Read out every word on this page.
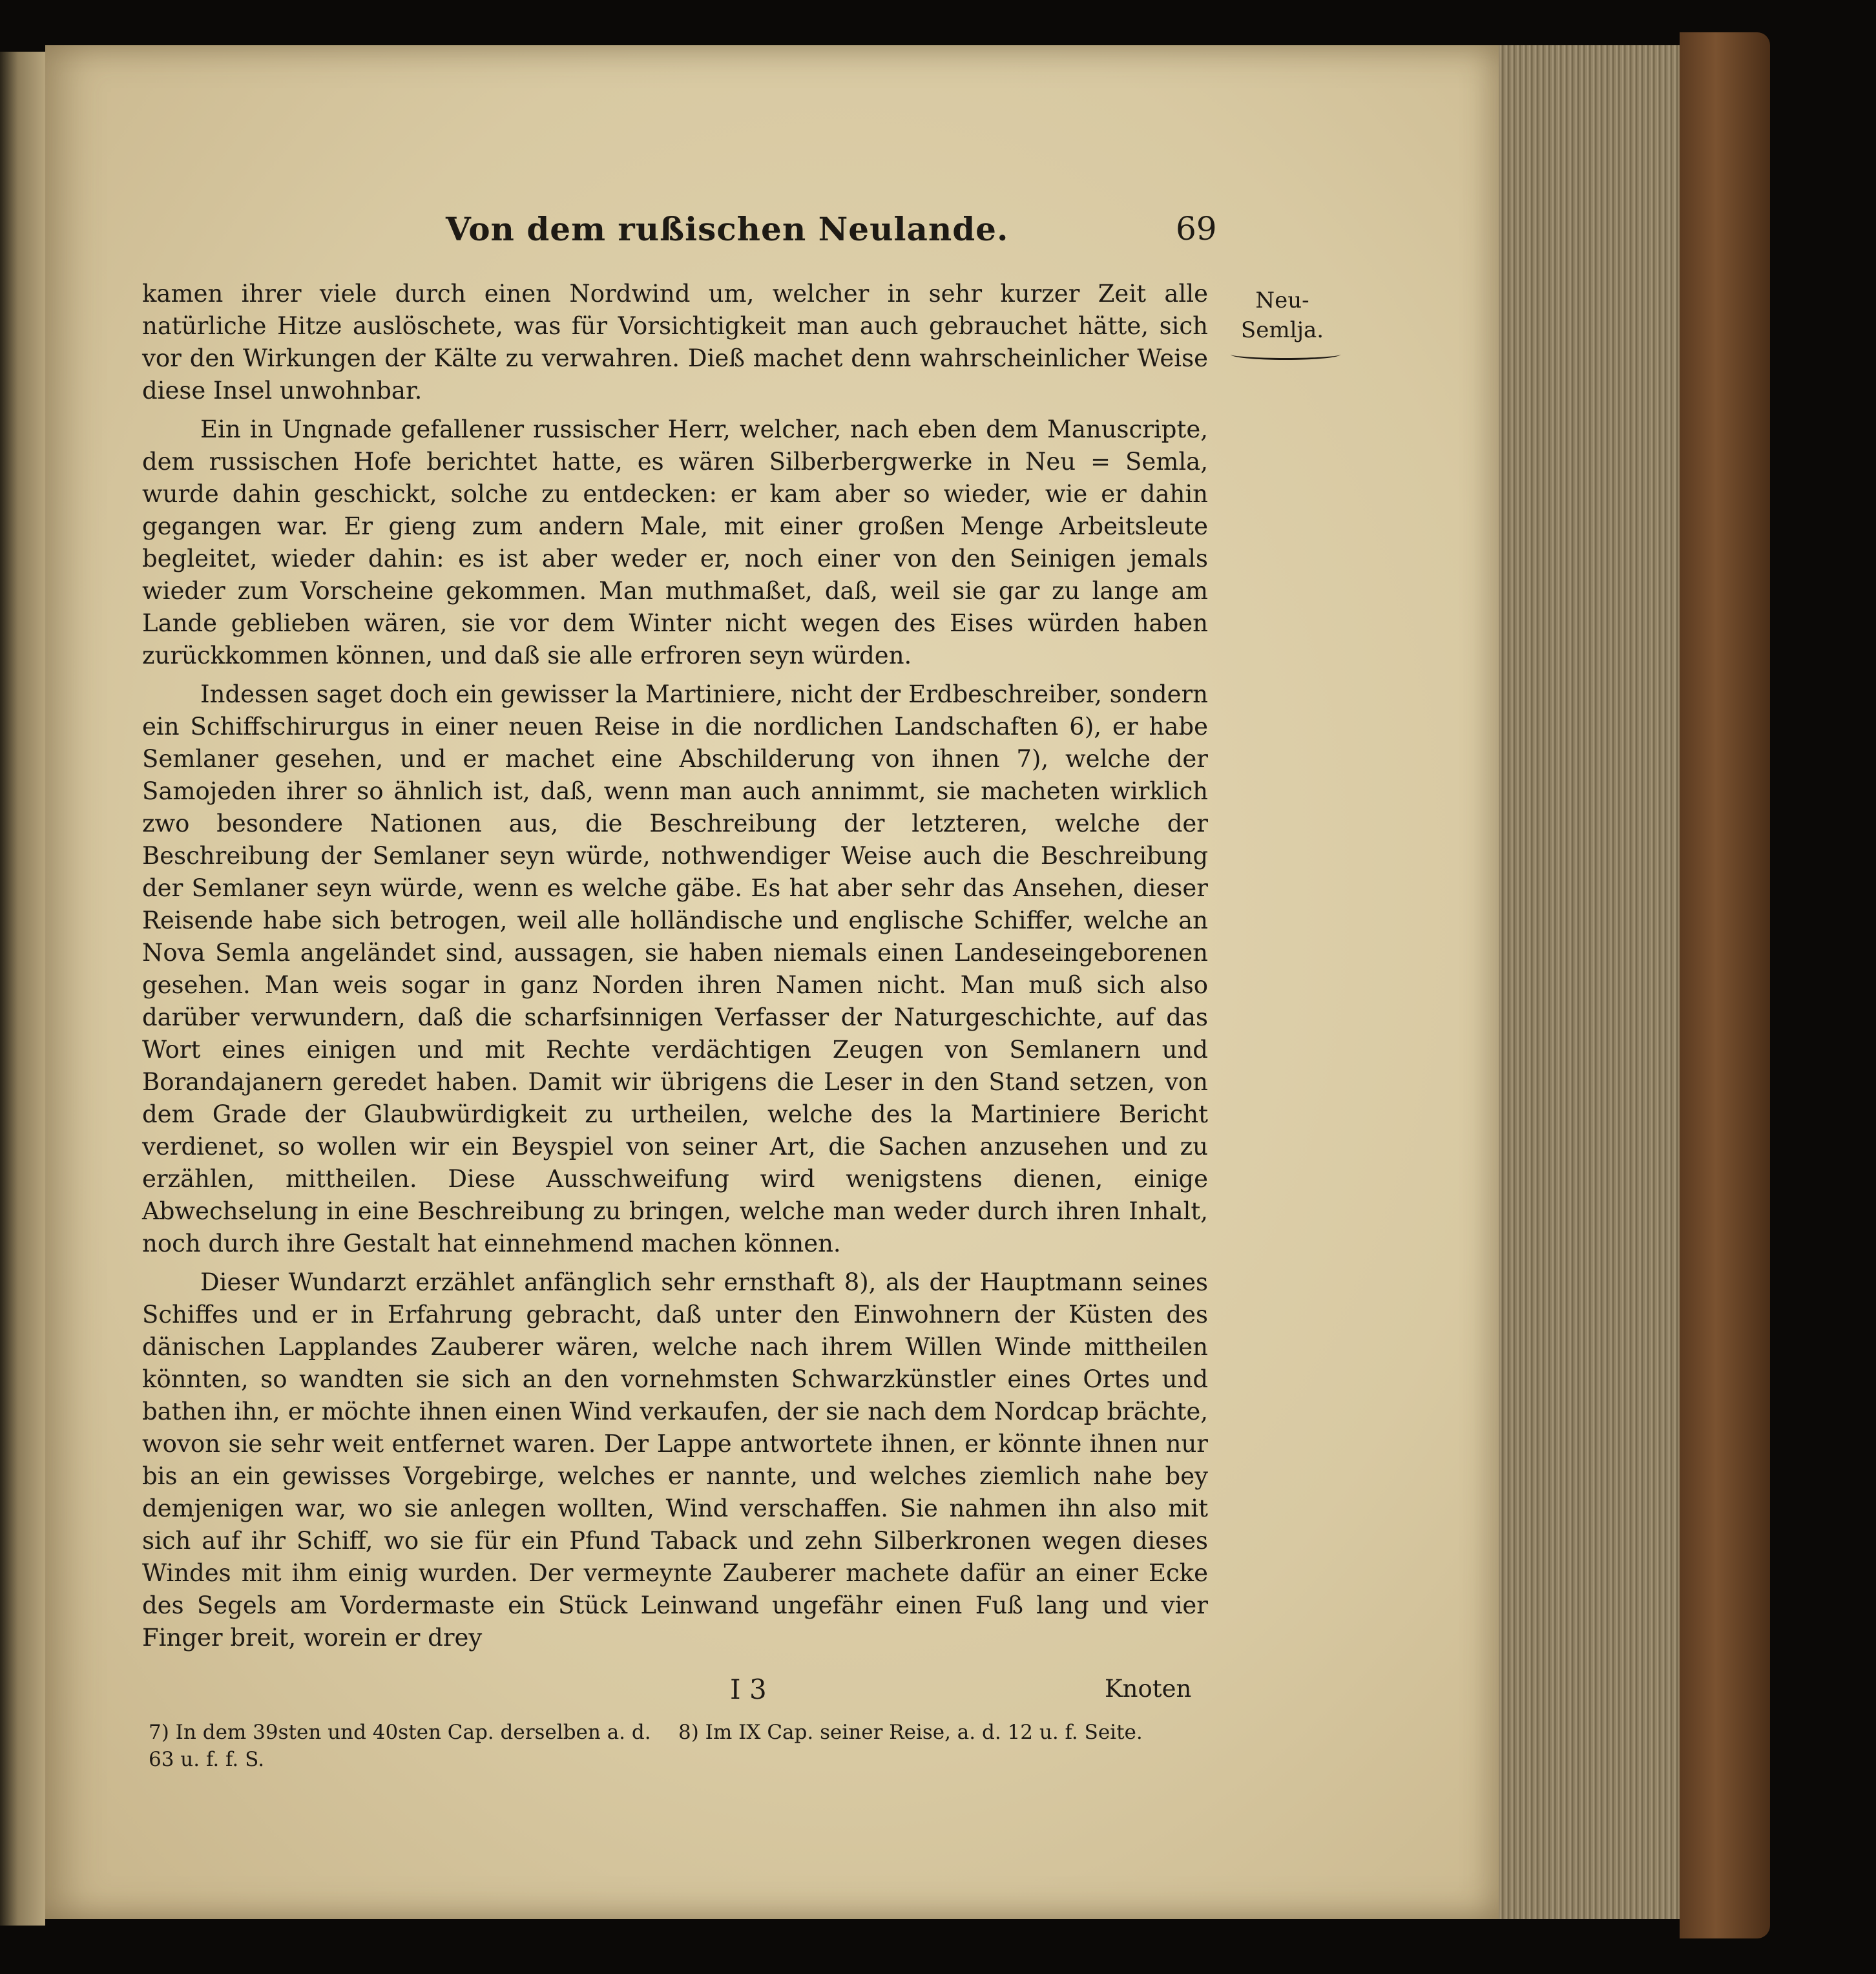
Von dem rußischen Neulande.	69

kamen ihrer viele durch einen Nordwind um, welcher in sehr kurzer Zeit alle natürliche Hitze auslöschete, was für Vorsichtigkeit man auch gebrauchet hätte, sich vor den Wirkungen der Kälte zu verwahren. Dieß machet denn wahrscheinlicher Weise diese Insel unwohnbar.

Ein in Ungnade gefallener russischer Herr, welcher, nach eben dem Manuscripte, dem russischen Hofe berichtet hatte, es wären Silberbergwerke in Neu = Semla, wurde dahin geschickt, solche zu entdecken: er kam aber so wieder, wie er dahin gegangen war. Er gieng zum andern Male, mit einer großen Menge Arbeitsleute begleitet, wieder dahin: es ist aber weder er, noch einer von den Seinigen jemals wieder zum Vorscheine gekommen. Man muthmaßet, daß, weil sie gar zu lange am Lande geblieben wären, sie vor dem Winter nicht wegen des Eises würden haben zurückkommen können, und daß sie alle erfroren seyn würden.

Indessen saget doch ein gewisser la Martiniere, nicht der Erdbeschreiber, sondern ein Schiffschirurgus in einer neuen Reise in die nordlichen Landschaften 6), er habe Semlaner gesehen, und er machet eine Abschilderung von ihnen 7), welche der Samojeden ihrer so ähnlich ist, daß, wenn man auch annimmt, sie macheten wirklich zwo besondere Nationen aus, die Beschreibung der letzteren, welche der Beschreibung der Semlaner seyn würde, nothwendiger Weise auch die Beschreibung der Semlaner seyn würde, wenn es welche gäbe. Es hat aber sehr das Ansehen, dieser Reisende habe sich betrogen, weil alle holländische und englische Schiffer, welche an Nova Semla angeländet sind, aussagen, sie haben niemals einen Landeseingeborenen gesehen. Man weis sogar in ganz Norden ihren Namen nicht. Man muß sich also darüber verwundern, daß die scharfsinnigen Verfasser der Naturgeschichte, auf das Wort eines einigen und mit Rechte verdächtigen Zeugen von Semlanern und Borandajanern geredet haben. Damit wir übrigens die Leser in den Stand setzen, von dem Grade der Glaubwürdigkeit zu urtheilen, welche des la Martiniere Bericht verdienet, so wollen wir ein Beyspiel von seiner Art, die Sachen anzusehen und zu erzählen, mittheilen. Diese Ausschweifung wird wenigstens dienen, einige Abwechselung in eine Beschreibung zu bringen, welche man weder durch ihren Inhalt, noch durch ihre Gestalt hat einnehmend machen können.

Dieser Wundarzt erzählet anfänglich sehr ernsthaft 8), als der Hauptmann seines Schiffes und er in Erfahrung gebracht, daß unter den Einwohnern der Küsten des dänischen Lapplandes Zauberer wären, welche nach ihrem Willen Winde mittheilen könnten, so wandten sie sich an den vornehmsten Schwarzkünstler eines Ortes und bathen ihn, er möchte ihnen einen Wind verkaufen, der sie nach dem Nordcap brächte, wovon sie sehr weit entfernet waren. Der Lappe antwortete ihnen, er könnte ihnen nur bis an ein gewisses Vorgebirge, welches er nannte, und welches ziemlich nahe bey demjenigen war, wo sie anlegen wollten, Wind verschaffen. Sie nahmen ihn also mit sich auf ihr Schiff, wo sie für ein Pfund Taback und zehn Silberkronen wegen dieses Windes mit ihm einig wurden. Der vermeynte Zauberer machete dafür an einer Ecke des Segels am Vordermaste ein Stück Leinwand ungefähr einen Fuß lang und vier Finger breit, worein er drey

Neu-
Semlja.
I 3	Knoten
7) In dem 39sten und 40sten Cap. derselben a. d. 63 u. f. f. S.
8) Im IX Cap. seiner Reise, a. d. 12 u. f. Seite.
